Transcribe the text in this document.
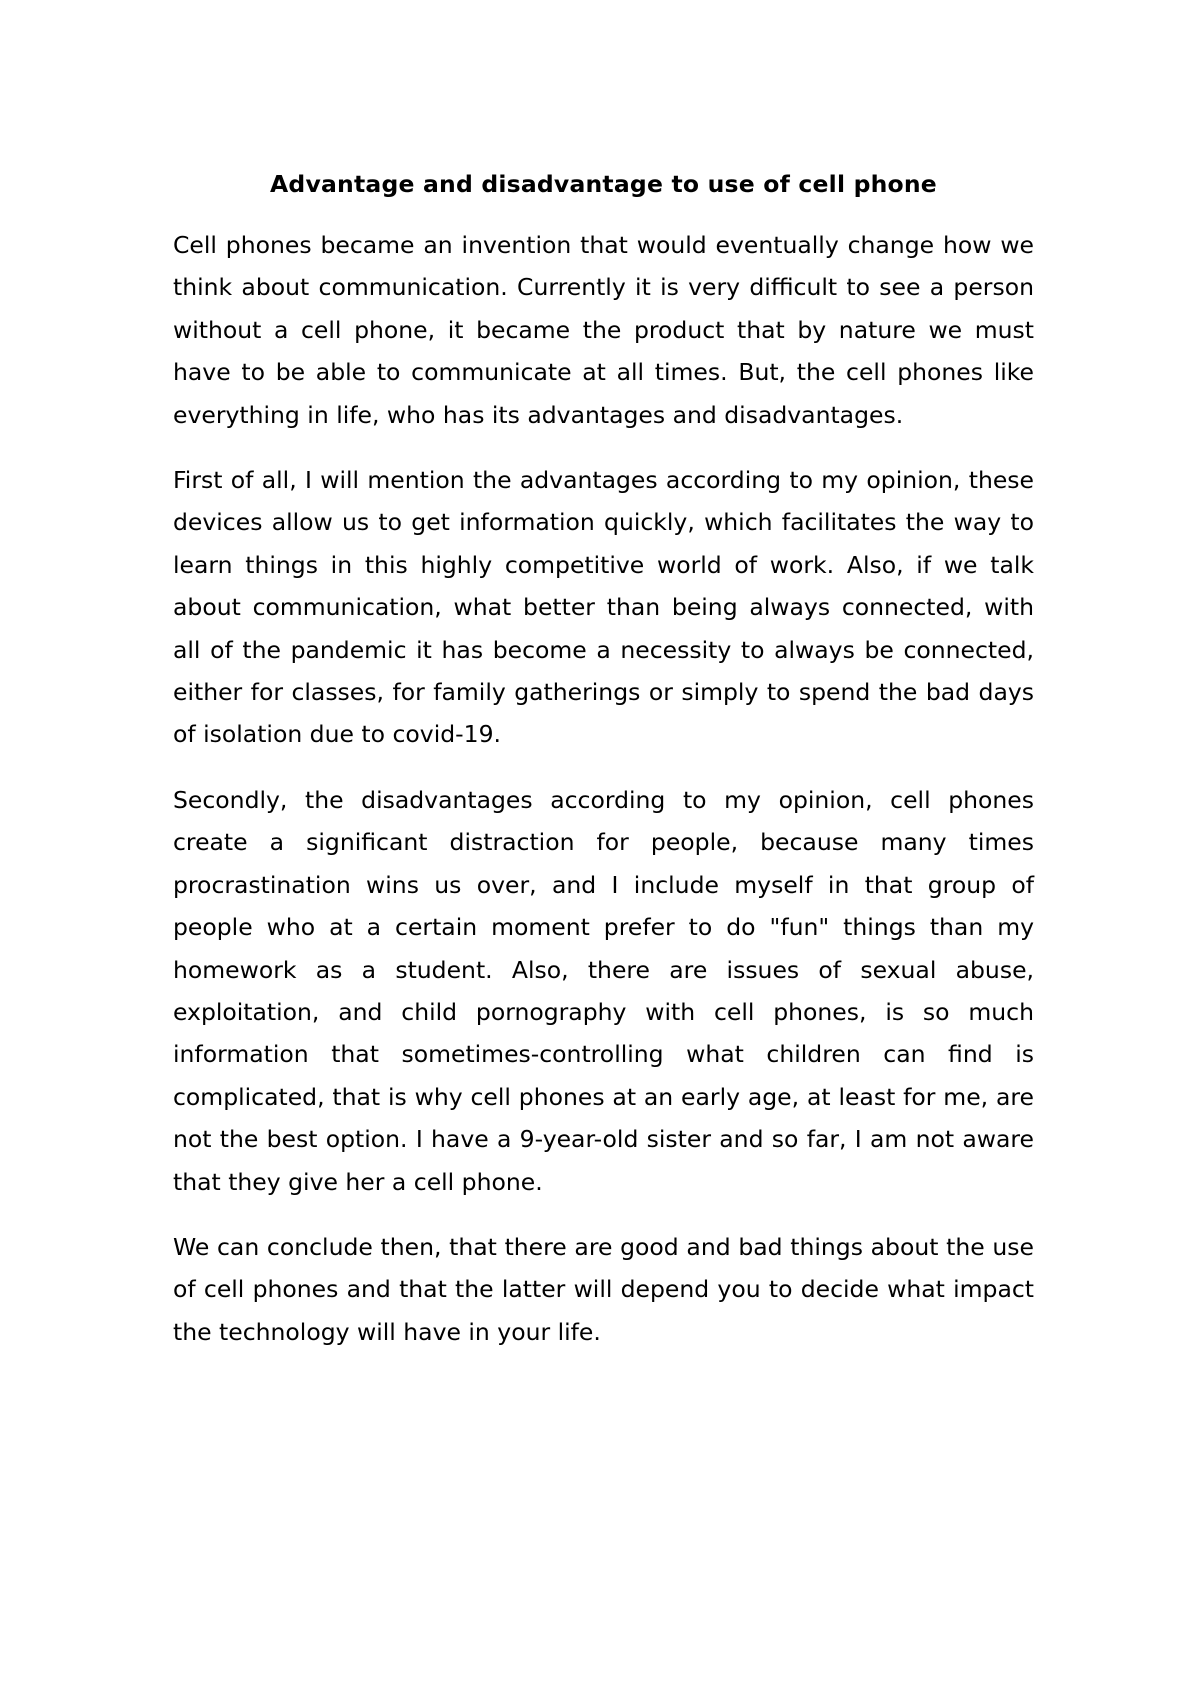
Advantage and disadvantage to use of cell phone

Cell phones became an invention that would eventually change how we think about communication. Currently it is very difficult to see a person without a cell phone, it became the product that by nature we must have to be able to communicate at all times. But, the cell phones like everything in life, who has its advantages and disadvantages.

First of all, I will mention the advantages according to my opinion, these devices allow us to get information quickly, which facilitates the way to learn things in this highly competitive world of work. Also, if we talk about communication, what better than being always connected, with all of the pandemic it has become a necessity to always be connected, either for classes, for family gatherings or simply to spend the bad days of isolation due to covid-19.

Secondly, the disadvantages according to my opinion, cell phones create a significant distraction for people, because many times procrastination wins us over, and I include myself in that group of people who at a certain moment prefer to do "fun" things than my homework as a student. Also, there are issues of sexual abuse, exploitation, and child pornography with cell phones, is so much information that sometimes-controlling what children can find is complicated, that is why cell phones at an early age, at least for me, are not the best option. I have a 9-year-old sister and so far, I am not aware that they give her a cell phone.

We can conclude then, that there are good and bad things about the use of cell phones and that the latter will depend you to decide what impact the technology will have in your life.
